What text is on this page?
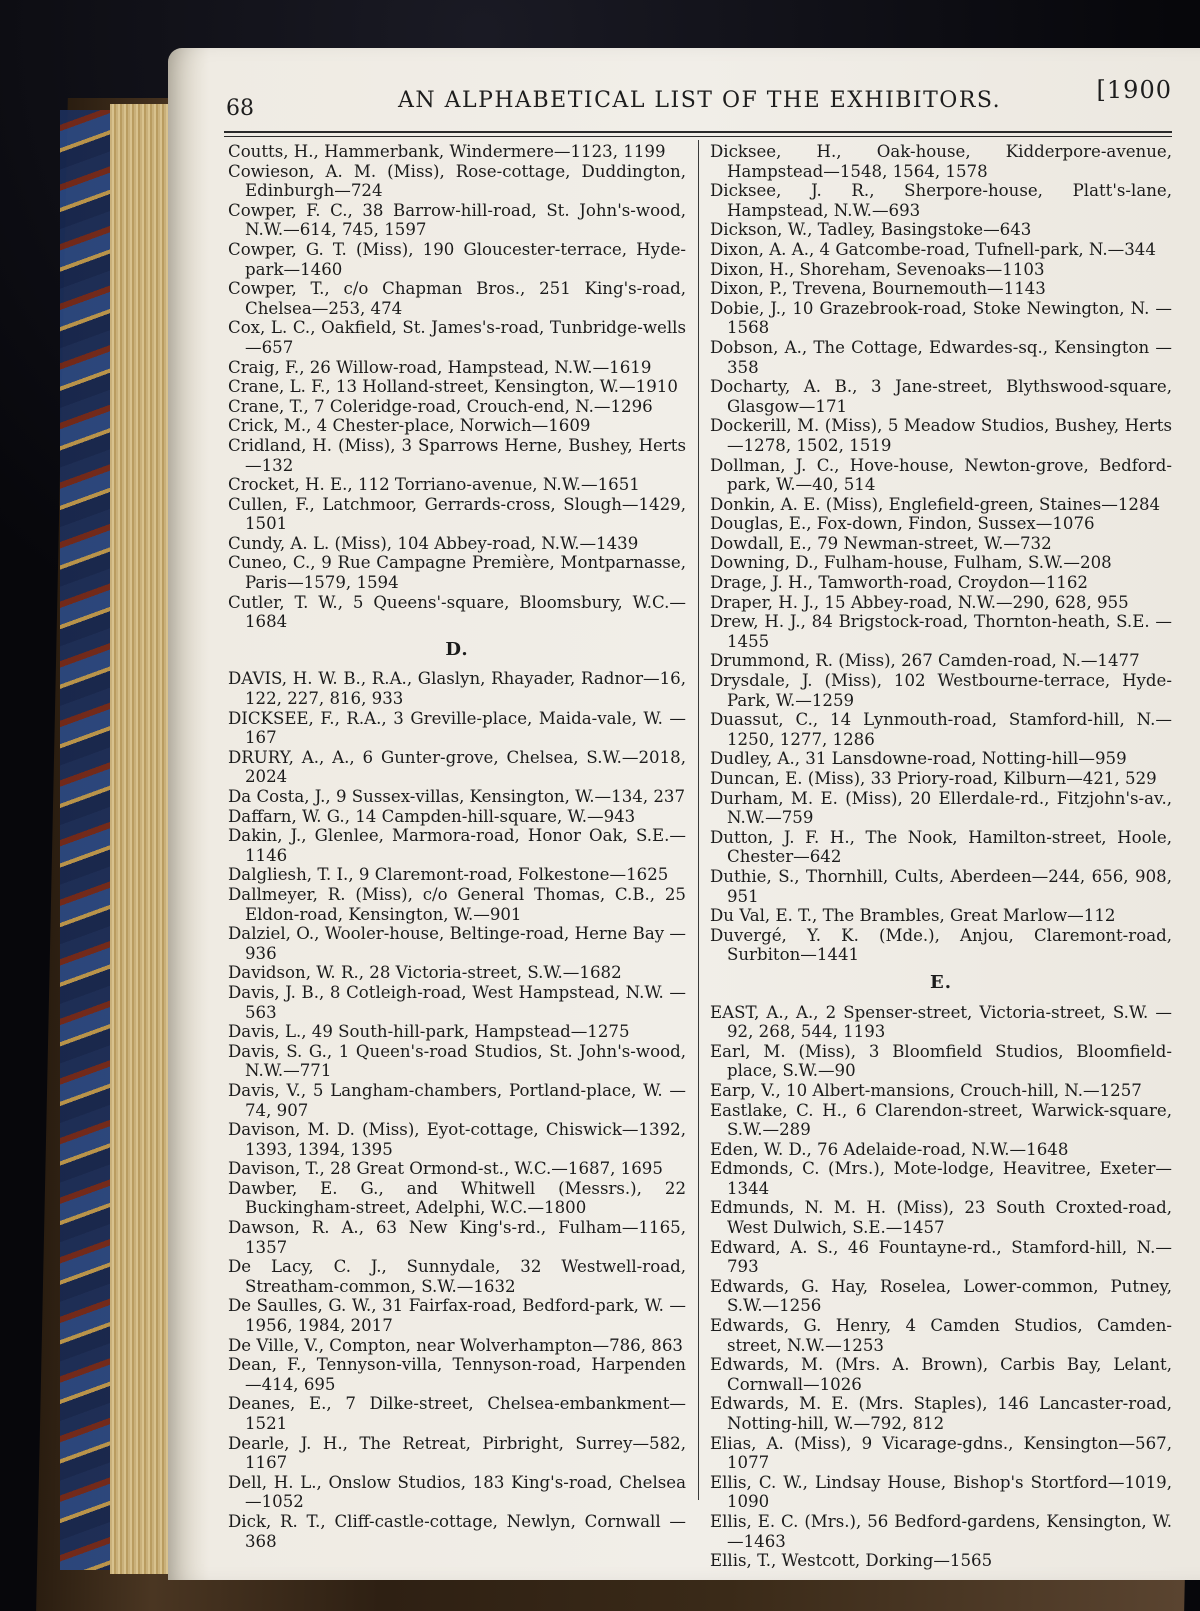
68	AN ALPHABETICAL LIST OF THE EXHIBITORS.	[1900

Coutts, H., Hammerbank, Windermere—1123, 1199

Cowieson, A. M. (Miss), Rose-cottage, Duddington, Edinburgh—724

Cowper, F. C., 38 Barrow-hill-road, St. John's-wood, N.W.—614, 745, 1597

Cowper, G. T. (Miss), 190 Gloucester-terrace, Hyde-park—1460

Cowper, T., c/o Chapman Bros., 251 King's-road, Chelsea—253, 474

Cox, L. C., Oakfield, St. James's-road, Tunbridge-wells —657

Craig, F., 26 Willow-road, Hampstead, N.W.—1619

Crane, L. F., 13 Holland-street, Kensington, W.—1910

Crane, T., 7 Coleridge-road, Crouch-end, N.—1296

Crick, M., 4 Chester-place, Norwich—1609

Cridland, H. (Miss), 3 Sparrows Herne, Bushey, Herts —132

Crocket, H. E., 112 Torriano-avenue, N.W.—1651

Cullen, F., Latchmoor, Gerrards-cross, Slough—1429, 1501

Cundy, A. L. (Miss), 104 Abbey-road, N.W.—1439

Cuneo, C., 9 Rue Campagne Première, Montparnasse, Paris—1579, 1594

Cutler, T. W., 5 Queens'-square, Bloomsbury, W.C.—1684

D.

DAVIS, H. W. B., R.A., Glaslyn, Rhayader, Radnor—16, 122, 227, 816, 933

DICKSEE, F., R.A., 3 Greville-place, Maida-vale, W. —167

DRURY, A., A., 6 Gunter-grove, Chelsea, S.W.—2018, 2024

Da Costa, J., 9 Sussex-villas, Kensington, W.—134, 237

Daffarn, W. G., 14 Campden-hill-square, W.—943

Dakin, J., Glenlee, Marmora-road, Honor Oak, S.E.—1146

Dalgliesh, T. I., 9 Claremont-road, Folkestone—1625

Dallmeyer, R. (Miss), c/o General Thomas, C.B., 25 Eldon-road, Kensington, W.—901

Dalziel, O., Wooler-house, Beltinge-road, Herne Bay —936

Davidson, W. R., 28 Victoria-street, S.W.—1682

Davis, J. B., 8 Cotleigh-road, West Hampstead, N.W. —563

Davis, L., 49 South-hill-park, Hampstead—1275

Davis, S. G., 1 Queen's-road Studios, St. John's-wood, N.W.—771

Davis, V., 5 Langham-chambers, Portland-place, W. —74, 907

Davison, M. D. (Miss), Eyot-cottage, Chiswick—1392, 1393, 1394, 1395

Davison, T., 28 Great Ormond-st., W.C.—1687, 1695

Dawber, E. G., and Whitwell (Messrs.), 22 Buckingham-street, Adelphi, W.C.—1800

Dawson, R. A., 63 New King's-rd., Fulham—1165, 1357

De Lacy, C. J., Sunnydale, 32 Westwell-road, Streatham-common, S.W.—1632

De Saulles, G. W., 31 Fairfax-road, Bedford-park, W. —1956, 1984, 2017

De Ville, V., Compton, near Wolverhampton—786, 863

Dean, F., Tennyson-villa, Tennyson-road, Harpenden —414, 695

Deanes, E., 7 Dilke-street, Chelsea-embankment—1521

Dearle, J. H., The Retreat, Pirbright, Surrey—582, 1167

Dell, H. L., Onslow Studios, 183 King's-road, Chelsea —1052

Dick, R. T., Cliff-castle-cottage, Newlyn, Cornwall —368

Dicksee, H., Oak-house, Kidderpore-avenue, Hampstead—1548, 1564, 1578

Dicksee, J. R., Sherpore-house, Platt's-lane, Hampstead, N.W.—693

Dickson, W., Tadley, Basingstoke—643

Dixon, A. A., 4 Gatcombe-road, Tufnell-park, N.—344

Dixon, H., Shoreham, Sevenoaks—1103

Dixon, P., Trevena, Bournemouth—1143

Dobie, J., 10 Grazebrook-road, Stoke Newington, N. —1568

Dobson, A., The Cottage, Edwardes-sq., Kensington —358

Docharty, A. B., 3 Jane-street, Blythswood-square, Glasgow—171

Dockerill, M. (Miss), 5 Meadow Studios, Bushey, Herts —1278, 1502, 1519

Dollman, J. C., Hove-house, Newton-grove, Bedford-park, W.—40, 514

Donkin, A. E. (Miss), Englefield-green, Staines—1284

Douglas, E., Fox-down, Findon, Sussex—1076

Dowdall, E., 79 Newman-street, W.—732

Downing, D., Fulham-house, Fulham, S.W.—208

Drage, J. H., Tamworth-road, Croydon—1162

Draper, H. J., 15 Abbey-road, N.W.—290, 628, 955

Drew, H. J., 84 Brigstock-road, Thornton-heath, S.E. —1455

Drummond, R. (Miss), 267 Camden-road, N.—1477

Drysdale, J. (Miss), 102 Westbourne-terrace, Hyde-Park, W.—1259

Duassut, C., 14 Lynmouth-road, Stamford-hill, N.—1250, 1277, 1286

Dudley, A., 31 Lansdowne-road, Notting-hill—959

Duncan, E. (Miss), 33 Priory-road, Kilburn—421, 529

Durham, M. E. (Miss), 20 Ellerdale-rd., Fitzjohn's-av., N.W.—759

Dutton, J. F. H., The Nook, Hamilton-street, Hoole, Chester—642

Duthie, S., Thornhill, Cults, Aberdeen—244, 656, 908, 951

Du Val, E. T., The Brambles, Great Marlow—112

Duvergé, Y. K. (Mde.), Anjou, Claremont-road, Surbiton—1441

E.

EAST, A., A., 2 Spenser-street, Victoria-street, S.W. —92, 268, 544, 1193

Earl, M. (Miss), 3 Bloomfield Studios, Bloomfield-place, S.W.—90

Earp, V., 10 Albert-mansions, Crouch-hill, N.—1257

Eastlake, C. H., 6 Clarendon-street, Warwick-square, S.W.—289

Eden, W. D., 76 Adelaide-road, N.W.—1648

Edmonds, C. (Mrs.), Mote-lodge, Heavitree, Exeter—1344

Edmunds, N. M. H. (Miss), 23 South Croxted-road, West Dulwich, S.E.—1457

Edward, A. S., 46 Fountayne-rd., Stamford-hill, N.—793

Edwards, G. Hay, Roselea, Lower-common, Putney, S.W.—1256

Edwards, G. Henry, 4 Camden Studios, Camden-street, N.W.—1253

Edwards, M. (Mrs. A. Brown), Carbis Bay, Lelant, Cornwall—1026

Edwards, M. E. (Mrs. Staples), 146 Lancaster-road, Notting-hill, W.—792, 812

Elias, A. (Miss), 9 Vicarage-gdns., Kensington—567, 1077

Ellis, C. W., Lindsay House, Bishop's Stortford—1019, 1090

Ellis, E. C. (Mrs.), 56 Bedford-gardens, Kensington, W. —1463

Ellis, T., Westcott, Dorking—1565
